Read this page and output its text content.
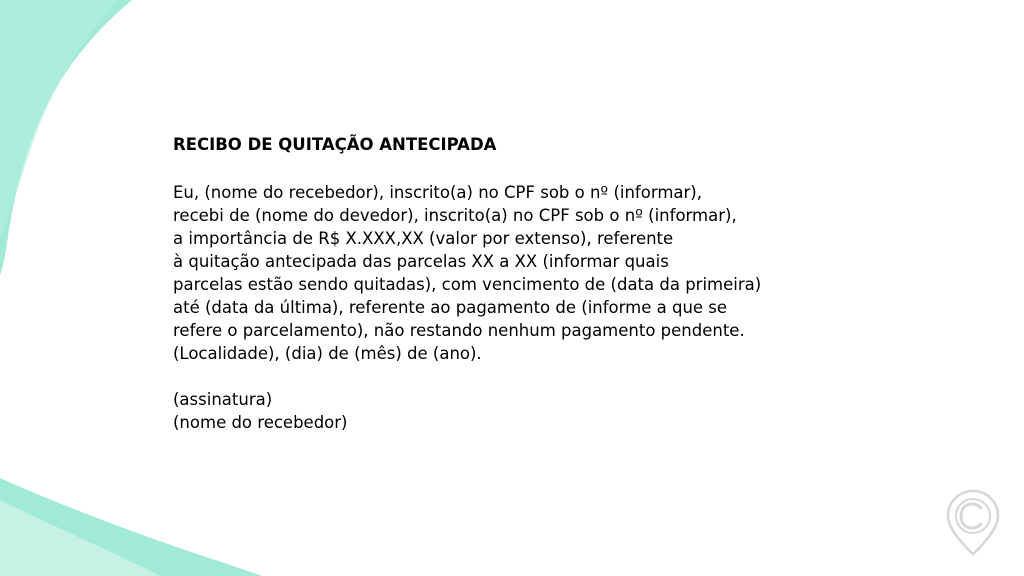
RECIBO DE QUITAÇÃO ANTECIPADA
Eu, (nome do recebedor), inscrito(a) no CPF sob o nº (informar),
recebi de (nome do devedor), inscrito(a) no CPF sob o nº (informar),
a importância de R$ X.XXX,XX (valor por extenso), referente
à quitação antecipada das parcelas XX a XX (informar quais
parcelas estão sendo quitadas), com vencimento de (data da primeira)
até (data da última), referente ao pagamento de (informe a que se
refere o parcelamento), não restando nenhum pagamento pendente.
(Localidade), (dia) de (mês) de (ano).
(assinatura)
(nome do recebedor)
